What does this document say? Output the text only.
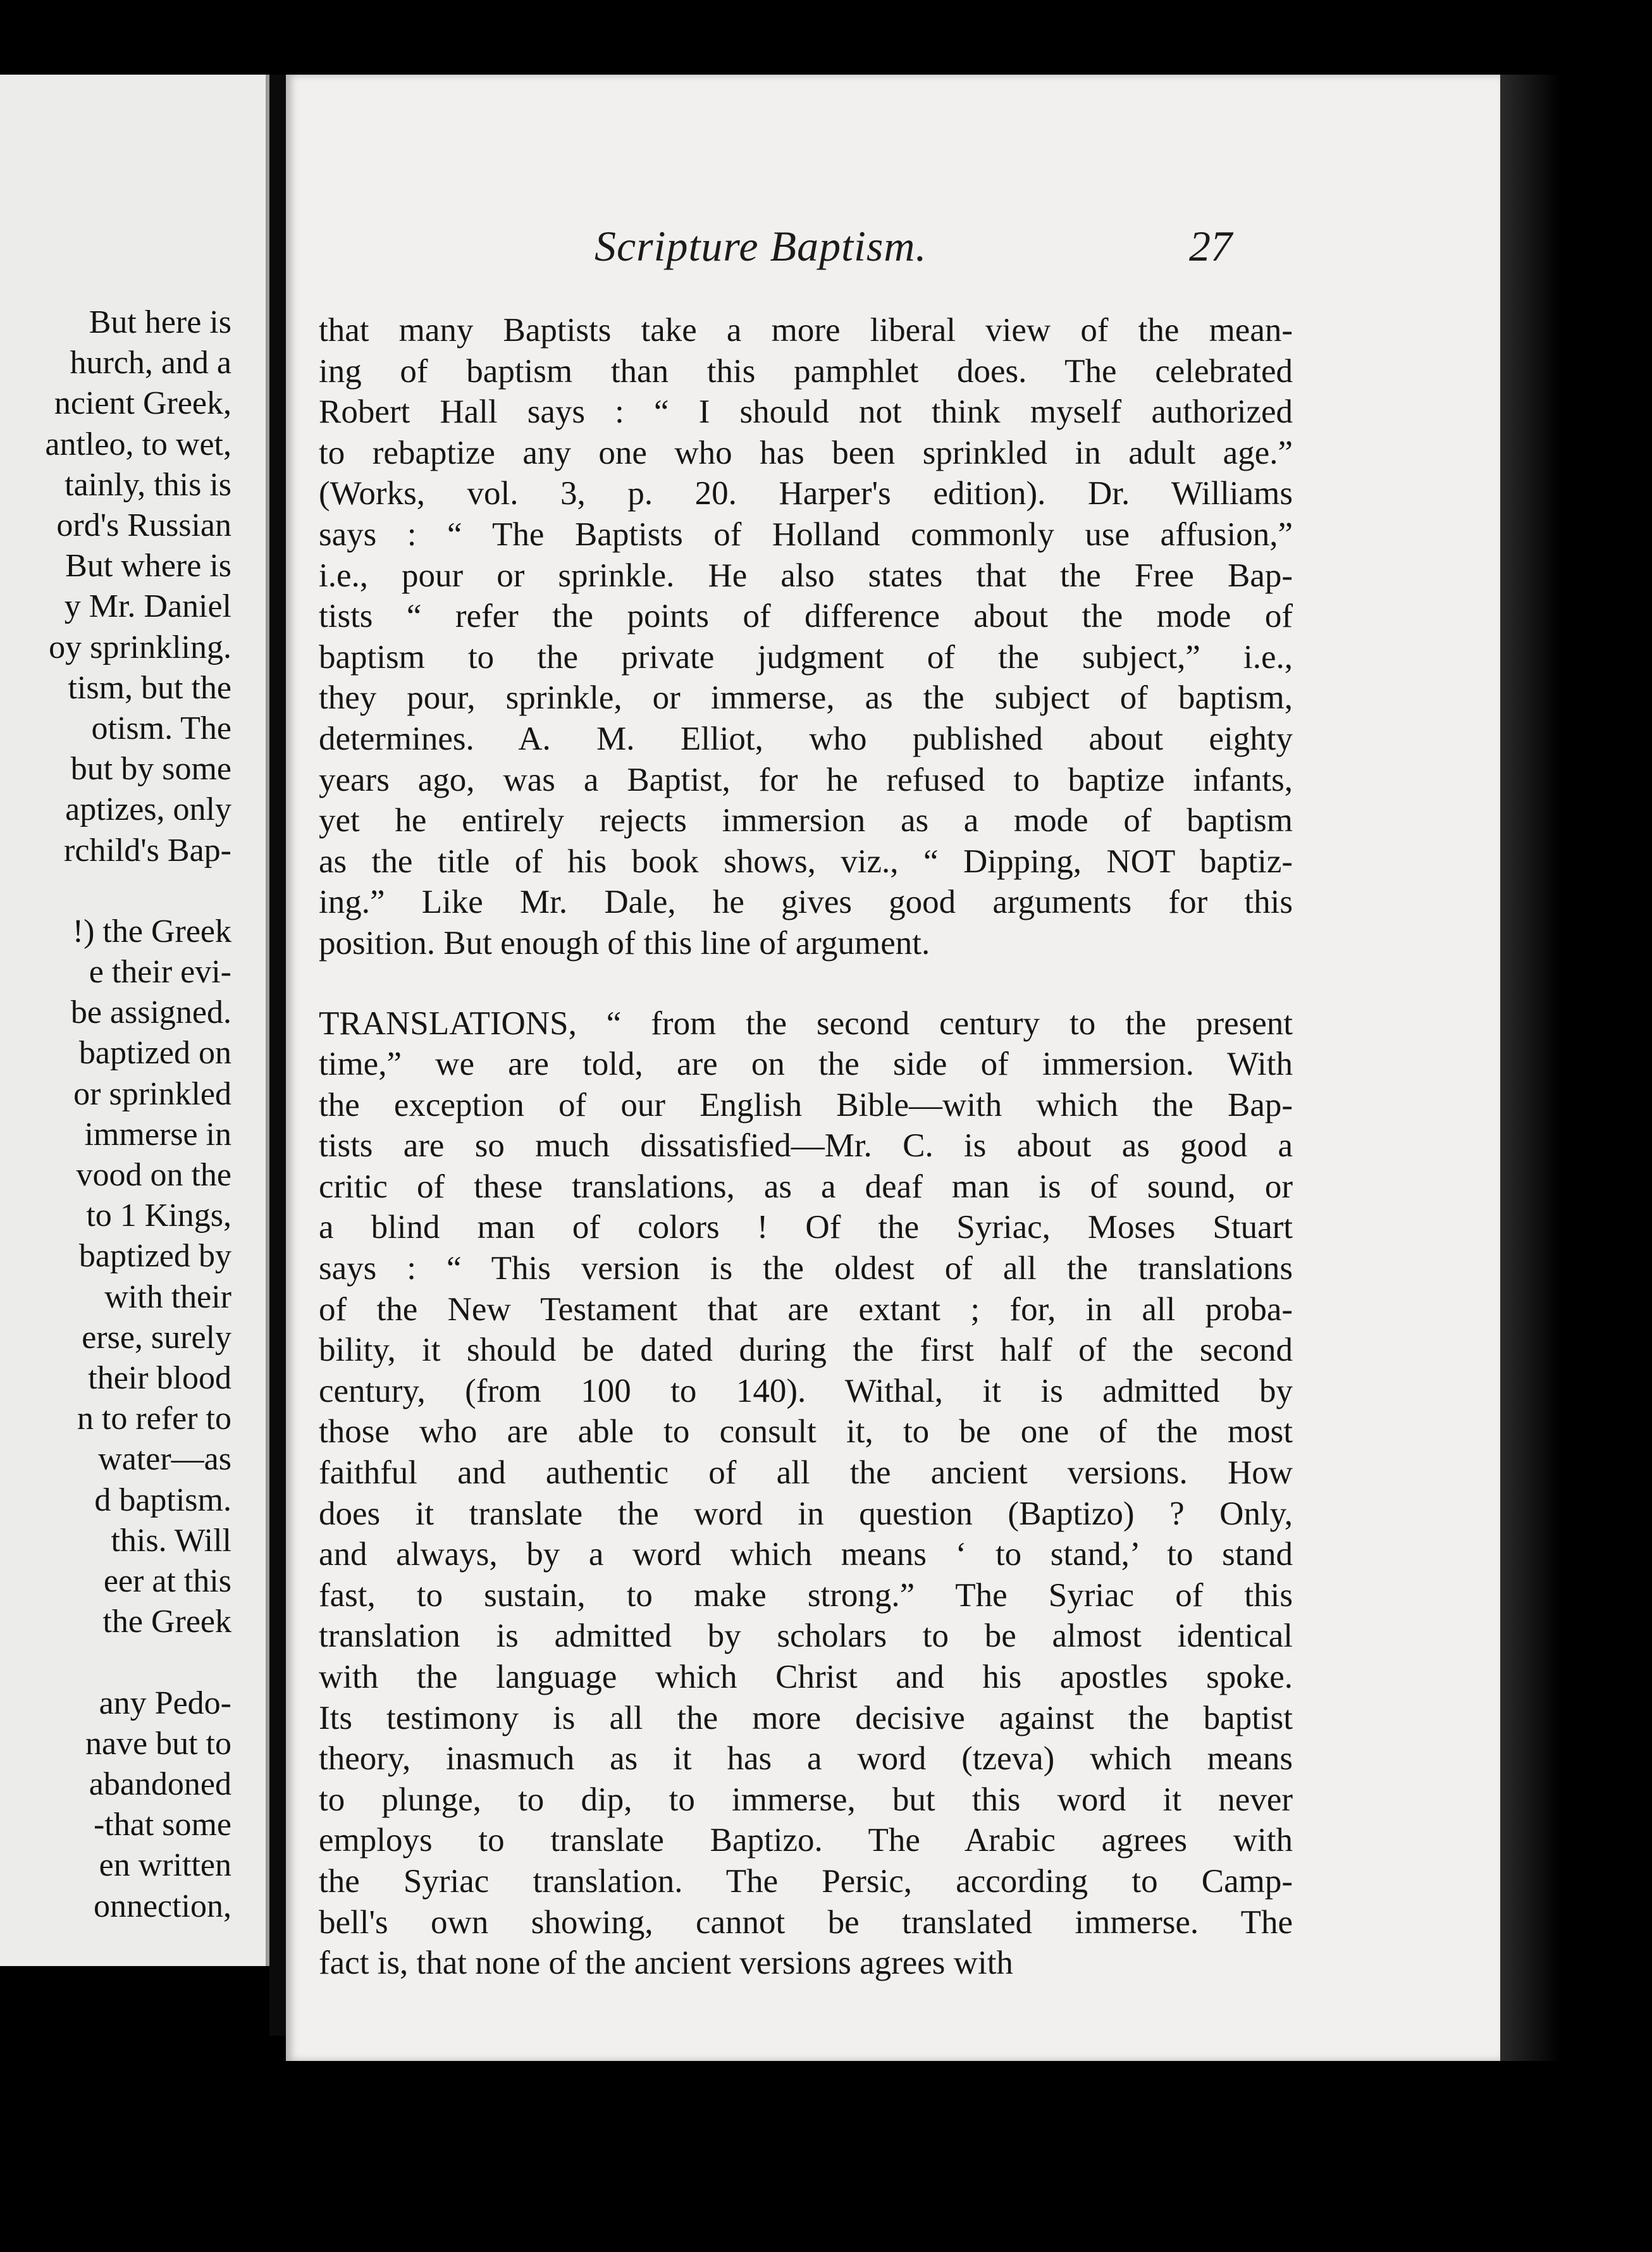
But here is
hurch, and a
ncient Greek,
antleo, to wet,
tainly, this is
ord's Russian
But where is
y Mr. Daniel
oy sprinkling.
tism, but the
otism. The
but by some
aptizes, only
rchild's Bap-
!) the Greek
e their evi-
be assigned.
baptized on
or sprinkled
immerse in
vood on the
to 1 Kings,
baptized by
with their
erse, surely
their blood
n to refer to
water—as
d baptism.
this. Will
eer at this
the Greek
any Pedo-
nave but to
abandoned
-that some
en written
onnection,
Scripture Baptism.	27
that many Baptists take a more liberal view of the mean-
ing of baptism than this pamphlet does. The celebrated
Robert Hall says : “ I should not think myself authorized
to rebaptize any one who has been sprinkled in adult age.”
(Works, vol. 3, p. 20. Harper's edition). Dr. Williams
says : “ The Baptists of Holland commonly use affusion,”
i.e., pour or sprinkle. He also states that the Free Bap-
tists “ refer the points of difference about the mode of
baptism to the private judgment of the subject,” i.e.,
they pour, sprinkle, or immerse, as the subject of baptism,
determines. A. M. Elliot, who published about eighty
years ago, was a Baptist, for he refused to baptize infants,
yet he entirely rejects immersion as a mode of baptism
as the title of his book shows, viz., “ Dipping, NOT baptiz-
ing.” Like Mr. Dale, he gives good arguments for this
position. But enough of this line of argument.
TRANSLATIONS, “ from the second century to the present
time,” we are told, are on the side of immersion. With
the exception of our English Bible—with which the Bap-
tists are so much dissatisfied—Mr. C. is about as good a
critic of these translations, as a deaf man is of sound, or
a blind man of colors ! Of the Syriac, Moses Stuart
says : “ This version is the oldest of all the translations
of the New Testament that are extant ; for, in all proba-
bility, it should be dated during the first half of the second
century, (from 100 to 140). Withal, it is admitted by
those who are able to consult it, to be one of the most
faithful and authentic of all the ancient versions. How
does it translate the word in question (Baptizo) ? Only,
and always, by a word which means ‘ to stand,’ to stand
fast, to sustain, to make strong.” The Syriac of this
translation is admitted by scholars to be almost identical
with the language which Christ and his apostles spoke.
Its testimony is all the more decisive against the baptist
theory, inasmuch as it has a word (tzeva) which means
to plunge, to dip, to immerse, but this word it never
employs to translate Baptizo. The Arabic agrees with
the Syriac translation. The Persic, according to Camp-
bell's own showing, cannot be translated immerse. The
fact is, that none of the ancient versions agrees with
